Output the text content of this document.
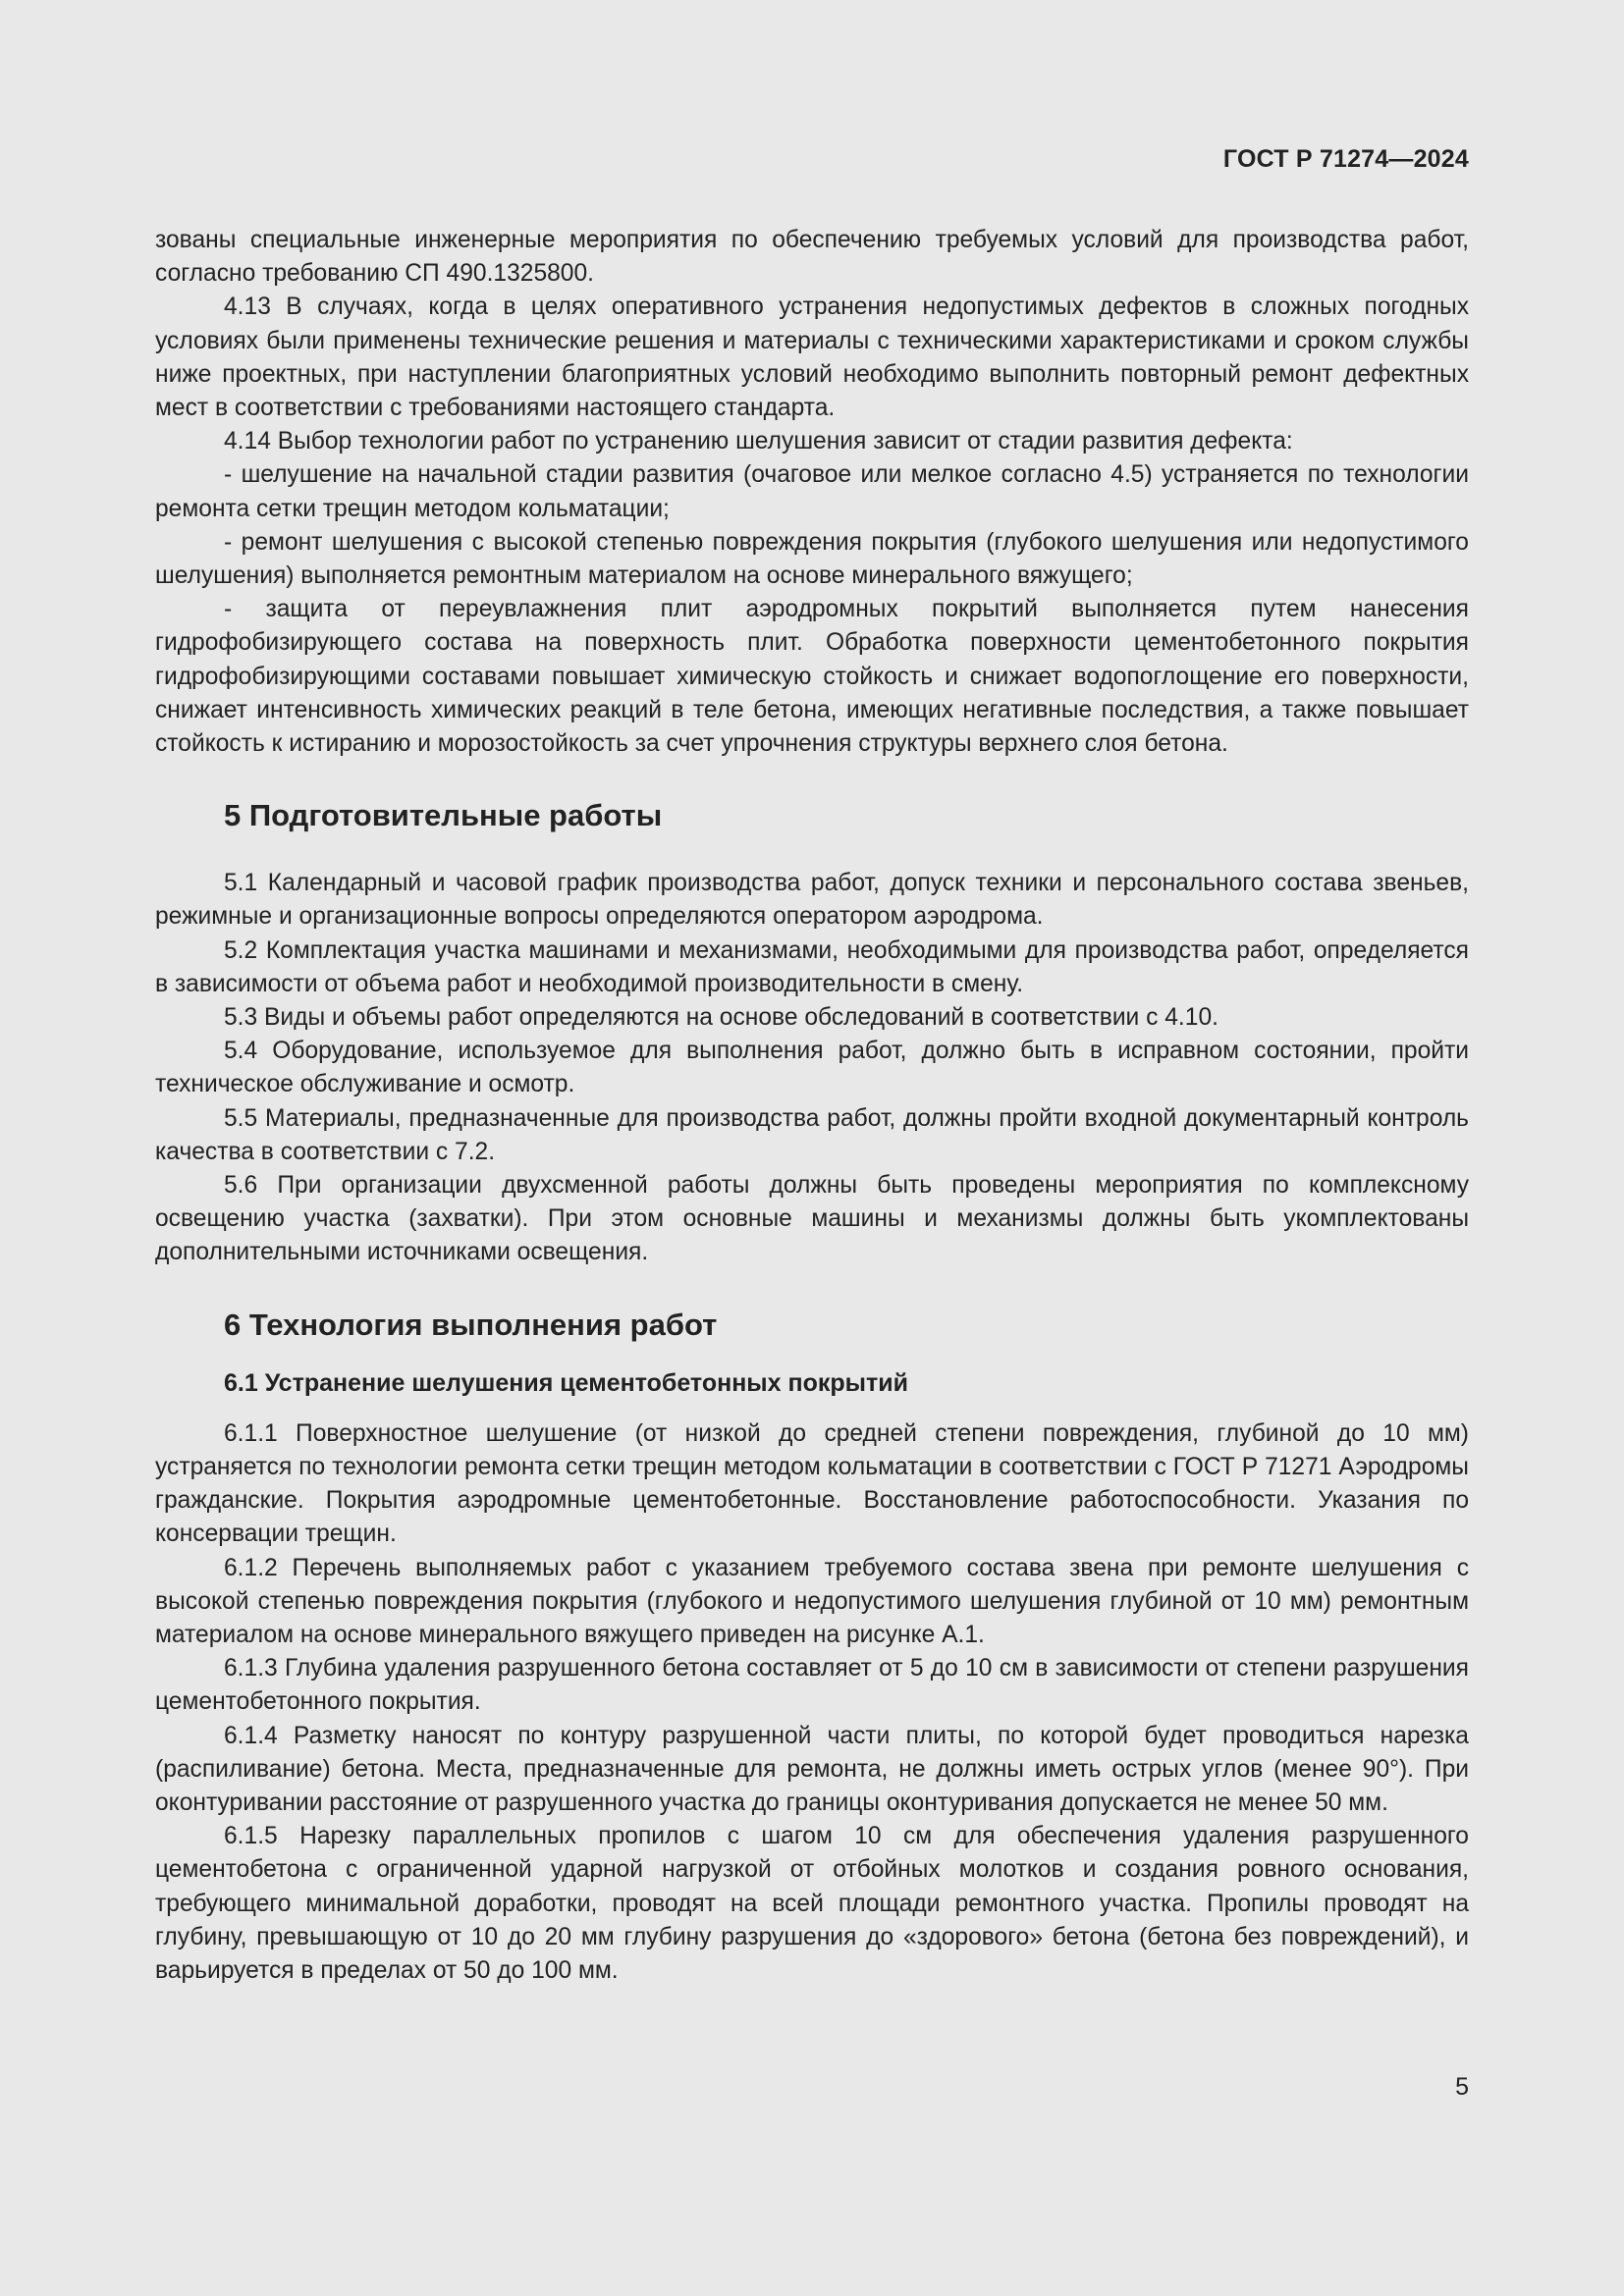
ГОСТ Р 71274—2024

зованы специальные инженерные мероприятия по обеспечению требуемых условий для производства работ, согласно требованию СП 490.1325800.

4.13 В случаях, когда в целях оперативного устранения недопустимых дефектов в сложных погодных условиях были применены технические решения и материалы с техническими характеристиками и сроком службы ниже проектных, при наступлении благоприятных условий необходимо выполнить повторный ремонт дефектных мест в соответствии с требованиями настоящего стандарта.

4.14 Выбор технологии работ по устранению шелушения зависит от стадии развития дефекта:

- шелушение на начальной стадии развития (очаговое или мелкое согласно 4.5) устраняется по технологии ремонта сетки трещин методом кольматации;

- ремонт шелушения с высокой степенью повреждения покрытия (глубокого шелушения или недопустимого шелушения) выполняется ремонтным материалом на основе минерального вяжущего;

- защита от переувлажнения плит аэродромных покрытий выполняется путем нанесения гидрофобизирующего состава на поверхность плит. Обработка поверхности цементобетонного покрытия гидрофобизирующими составами повышает химическую стойкость и снижает водопоглощение его поверхности, снижает интенсивность химических реакций в теле бетона, имеющих негативные последствия, а также повышает стойкость к истиранию и морозостойкость за счет упрочнения структуры верхнего слоя бетона.

5 Подготовительные работы

5.1 Календарный и часовой график производства работ, допуск техники и персонального состава звеньев, режимные и организационные вопросы определяются оператором аэродрома.

5.2 Комплектация участка машинами и механизмами, необходимыми для производства работ, определяется в зависимости от объема работ и необходимой производительности в смену.

5.3 Виды и объемы работ определяются на основе обследований в соответствии с 4.10.

5.4 Оборудование, используемое для выполнения работ, должно быть в исправном состоянии, пройти техническое обслуживание и осмотр.

5.5 Материалы, предназначенные для производства работ, должны пройти входной документарный контроль качества в соответствии с 7.2.

5.6 При организации двухсменной работы должны быть проведены мероприятия по комплексному освещению участка (захватки). При этом основные машины и механизмы должны быть укомплектованы дополнительными источниками освещения.

6 Технология выполнения работ
6.1 Устранение шелушения цементобетонных покрытий

6.1.1 Поверхностное шелушение (от низкой до средней степени повреждения, глубиной до 10 мм) устраняется по технологии ремонта сетки трещин методом кольматации в соответствии с ГОСТ Р 71271 Аэродромы гражданские. Покрытия аэродромные цементобетонные. Восстановление работоспособности. Указания по консервации трещин.

6.1.2 Перечень выполняемых работ с указанием требуемого состава звена при ремонте шелушения с высокой степенью повреждения покрытия (глубокого и недопустимого шелушения глубиной от 10 мм) ремонтным материалом на основе минерального вяжущего приведен на рисунке А.1.

6.1.3 Глубина удаления разрушенного бетона составляет от 5 до 10 см в зависимости от степени разрушения цементобетонного покрытия.

6.1.4 Разметку наносят по контуру разрушенной части плиты, по которой будет проводиться нарезка (распиливание) бетона. Места, предназначенные для ремонта, не должны иметь острых углов (менее 90°). При оконтуривании расстояние от разрушенного участка до границы оконтуривания допускается не менее 50 мм.

6.1.5 Нарезку параллельных пропилов с шагом 10 см для обеспечения удаления разрушенного цементобетона с ограниченной ударной нагрузкой от отбойных молотков и создания ровного основания, требующего минимальной доработки, проводят на всей площади ремонтного участка. Пропилы проводят на глубину, превышающую от 10 до 20 мм глубину разрушения до «здорового» бетона (бетона без повреждений), и варьируется в пределах от 50 до 100 мм.

5
